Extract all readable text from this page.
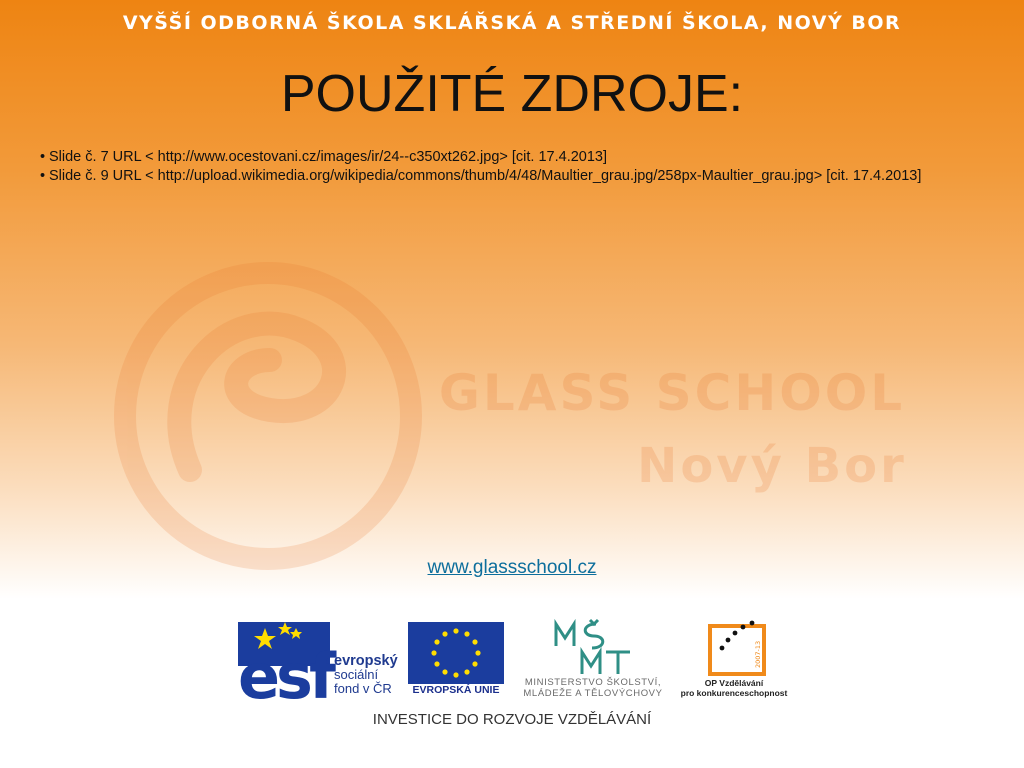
GLASS SCHOOL
Nový Bor
VYŠŠÍ ODBORNÁ ŠKOLA SKLÁŘSKÁ A STŘEDNÍ ŠKOLA, NOVÝ BOR
POUŽITÉ ZDROJE:
• Slide č. 7 URL < http://www.ocestovani.cz/images/ir/24--c350xt262.jpg> [cit. 17.4.2013]
• Slide č. 9 URL < http://upload.wikimedia.org/wikipedia/commons/thumb/4/48/Maultier_grau.jpg/258px-Maultier_grau.jpg> [cit. 17.4.2013]
www.glassschool.cz
esf	2007-13
evropský
sociální
fond v ČR	EVROPSKÁ UNIE
MINISTERSTVO ŠKOLSTVÍ,
MLÁDEŽE A TĚLOVÝCHOVY
OP Vzdělávání
pro konkurenceschopnost
INVESTICE DO ROZVOJE VZDĚLÁVÁNÍ
